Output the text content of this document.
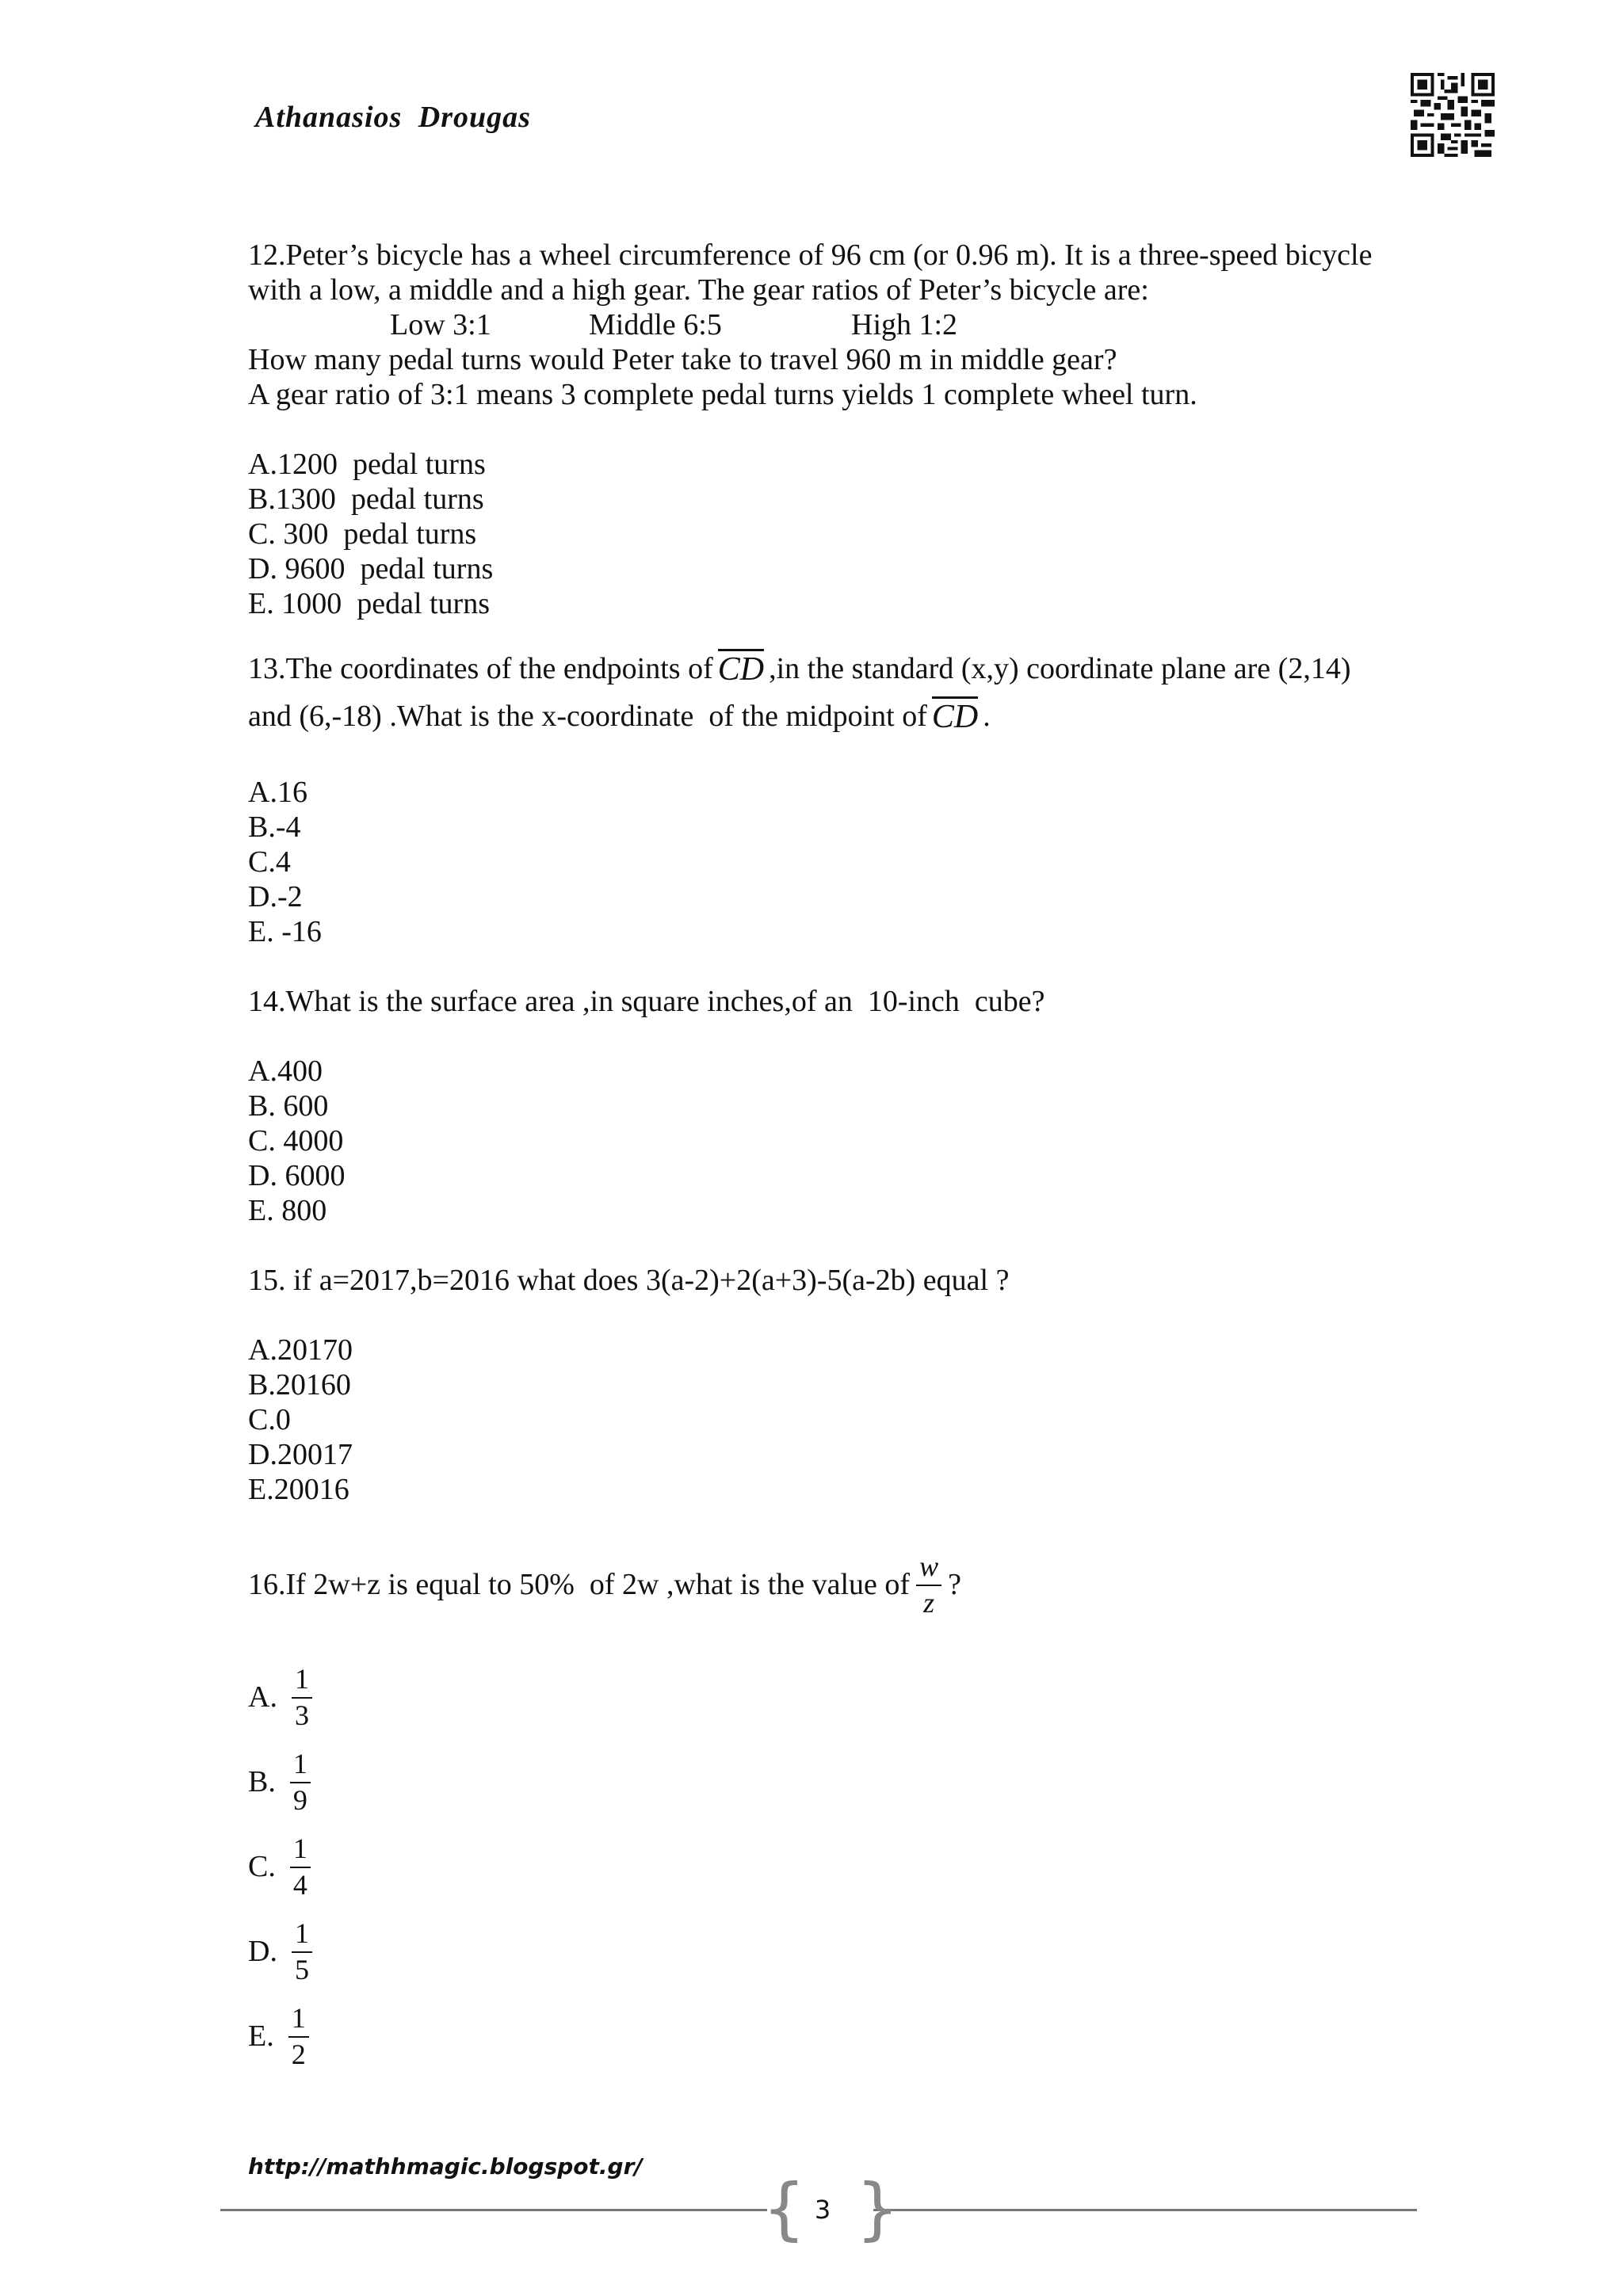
Athanasios Drougas
12.Peter’s bicycle has a wheel circumference of 96 cm (or 0.96 m). It is a three-speed bicycle
with a low, a middle and a high gear. The gear ratios of Peter’s bicycle are:
Low 3:1	Middle 6:5	High 1:2
How many pedal turns would Peter take to travel 960 m in middle gear?
A gear ratio of 3:1 means 3 complete pedal turns yields 1 complete wheel turn.
A.1200  pedal turns
B.1300  pedal turns
C. 300  pedal turns
D. 9600  pedal turns
E. 1000  pedal turns
13.The coordinates of the endpoints of CD ,in the standard (x,y) coordinate plane are (2,14)
and (6,-18) .What is the x-coordinate  of the midpoint of CD .
A.16
B.-4
C.4
D.-2
E. -16
14.What is the surface area ,in square inches,of an  10-inch  cube?
A.400
B. 600
C. 4000
D. 6000
E. 800
15. if a=2017,b=2016 what does 3(a-2)+2(a+3)-5(a-2b) equal ?
A.20170
B.20160
C.0
D.20017
E.20016
16.If 2w+z is equal to 50%  of 2w ,what is the value of $\frac{w}{z}$ ?
A. $\frac{1}{3}$
B. $\frac{1}{9}$
C. $\frac{1}{4}$
D. $\frac{1}{5}$
E. $\frac{1}{2}$
http://mathhmagic.blogspot.gr/
{ }
3
